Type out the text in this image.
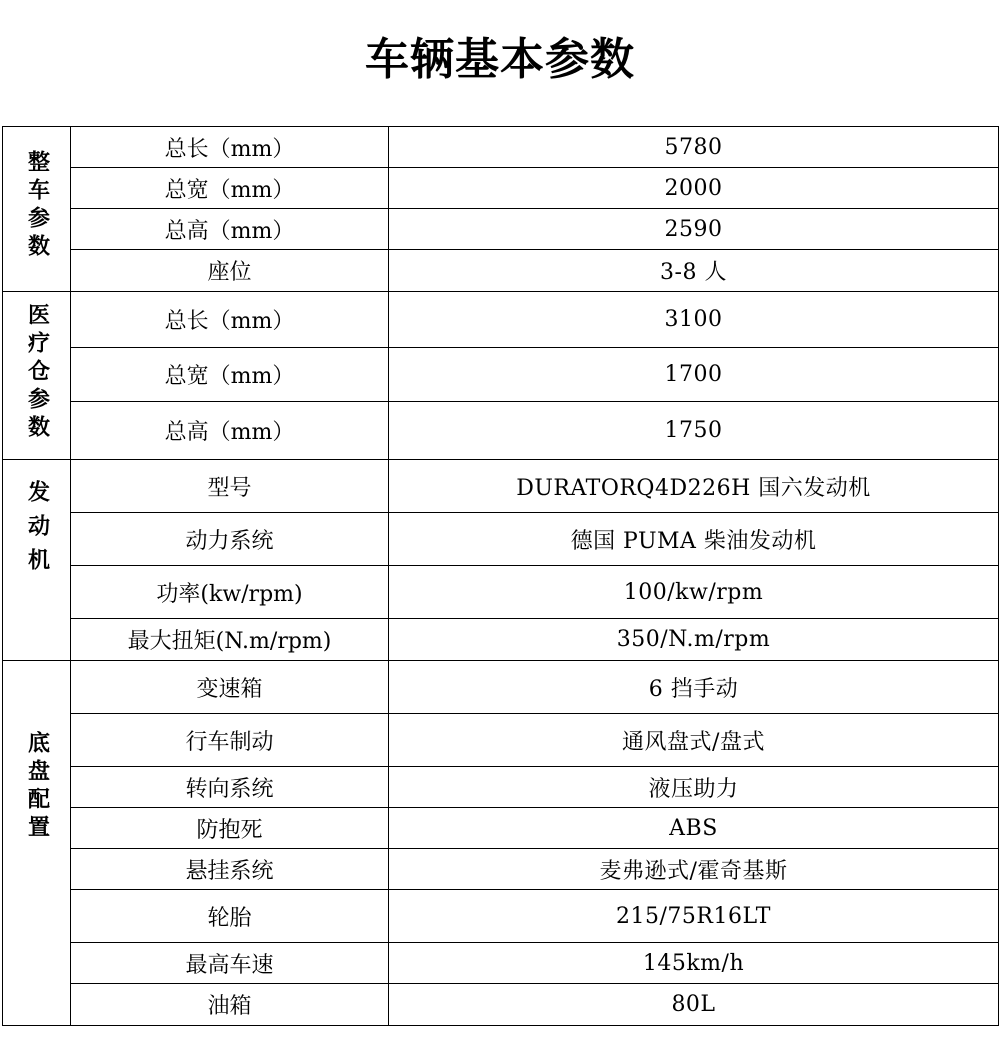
车辆基本参数
整车参数	总长（mm）	5780
	总宽（mm）	2000
	总高（mm）	2590
	座位	3-8 人
医疗仓参数	总长（mm）	3100
	总宽（mm）	1700
	总高（mm）	1750
发动机	型号	DURATORQ4D226H 国六发动机
	动力系统	德国 PUMA 柴油发动机
	功率(kw/rpm)	100/kw/rpm
	最大扭矩(N.m/rpm)	350/N.m/rpm
底盘配置	变速箱	6 挡手动
	行车制动	通风盘式/盘式
	转向系统	液压助力
	防抱死	ABS
	悬挂系统	麦弗逊式/霍奇基斯
	轮胎	215/75R16LT
	最高车速	145km/h
	油箱	80L
